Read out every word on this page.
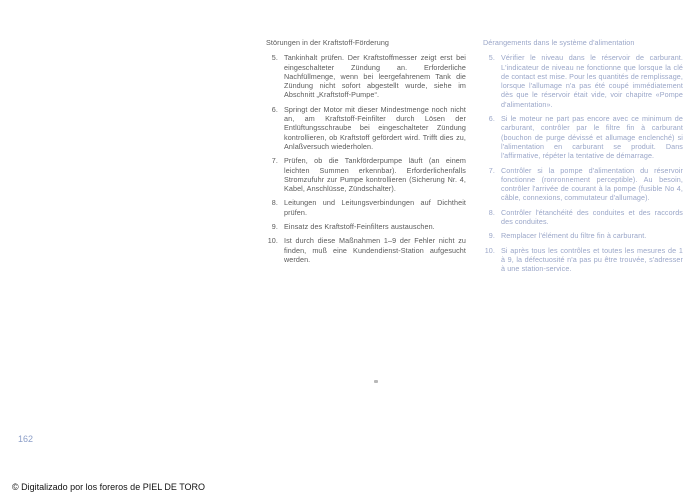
Störungen in der Kraftstoff-Förderung
5. Tankinhalt prüfen. Der Kraftstoffmesser zeigt erst bei eingeschalteter Zündung an. Erforderliche Nachfüllmenge, wenn bei leergefahrenem Tank die Zündung nicht sofort abgestellt wurde, siehe im Abschnitt „Kraftstoff-Pumpe“.
6. Springt der Motor mit dieser Mindestmenge noch nicht an, am Kraftstoff-Feinfilter durch Lösen der Entlüftungsschraube bei eingeschalteter Zündung kontrollieren, ob Kraftstoff gefördert wird. Trifft dies zu, Anlaßversuch wiederholen.
7. Prüfen, ob die Tankförderpumpe läuft (an einem leichten Summen erkennbar). Erforderlichenfalls Stromzufuhr zur Pumpe kontrollieren (Sicherung Nr. 4, Kabel, Anschlüsse, Zündschalter).
8. Leitungen und Leitungsverbindungen auf Dichtheit prüfen.
9. Einsatz des Kraftstoff-Feinfilters austauschen.
10. Ist durch diese Maßnahmen 1–9 der Fehler nicht zu finden, muß eine Kundendienst-Station aufgesucht werden.
Dérangements dans le système d'alimentation
5. Vérifier le niveau dans le réservoir de carburant. L'indicateur de niveau ne fonctionne que lorsque la clé de contact est mise. Pour les quantités de remplissage, lorsque l'allumage n'a pas été coupé immédiatement dès que le réservoir était vide, voir chapitre «Pompe d'alimentation».
6. Si le moteur ne part pas encore avec ce minimum de carburant, contrôler par le filtre fin à carburant (bouchon de purge dévissé et allumage enclenché) si l'alimentation en carburant se produit. Dans l'affirmative, répéter la tentative de démarrage.
7. Contrôler si la pompe d'alimentation du réservoir fonctionne (ronronnement perceptible). Au besoin, contrôler l'arrivée de courant à la pompe (fusible No 4, câble, connexions, commutateur d'allumage).
8. Contrôler l'étanchéité des conduites et des raccords des conduites.
9. Remplacer l'élément du filtre fin à carburant.
10. Si après tous les contrôles et toutes les mesures de 1 à 9, la défectuosité n'a pas pu être trouvée, s'adresser à une station-service.
162
© Digitalizado por los foreros de PIEL DE TORO
